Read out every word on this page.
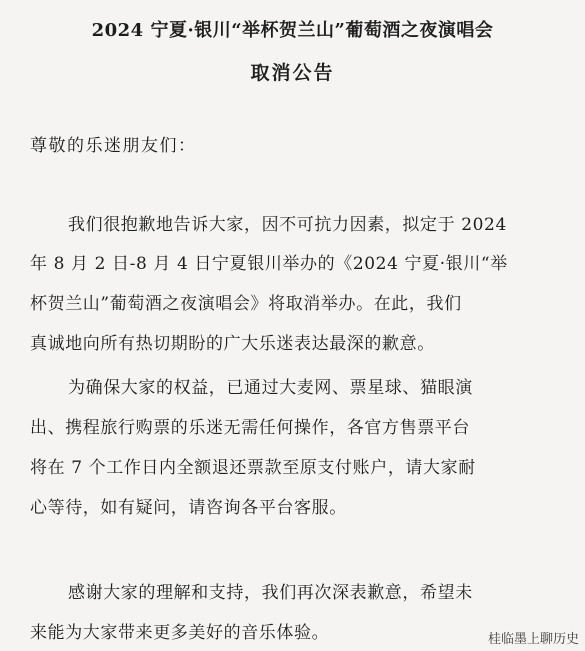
2024 宁夏·银川“举杯贺兰山”葡萄酒之夜演唱会
取消公告
尊敬的乐迷朋友们：
我们很抱歉地告诉大家，因不可抗力因素，拟定于 2024
年 8 月 2 日-8 月 4 日宁夏银川举办的《2024 宁夏·银川“举
杯贺兰山”葡萄酒之夜演唱会》将取消举办。在此，我们
真诚地向所有热切期盼的广大乐迷表达最深的歉意。
为确保大家的权益，已通过大麦网、票星球、猫眼演
出、携程旅行购票的乐迷无需任何操作，各官方售票平台
将在 7 个工作日内全额退还票款至原支付账户，请大家耐
心等待，如有疑问，请咨询各平台客服。
感谢大家的理解和支持，我们再次深表歉意，希望未
来能为大家带来更多美好的音乐体验。	桂临墨上聊历史
